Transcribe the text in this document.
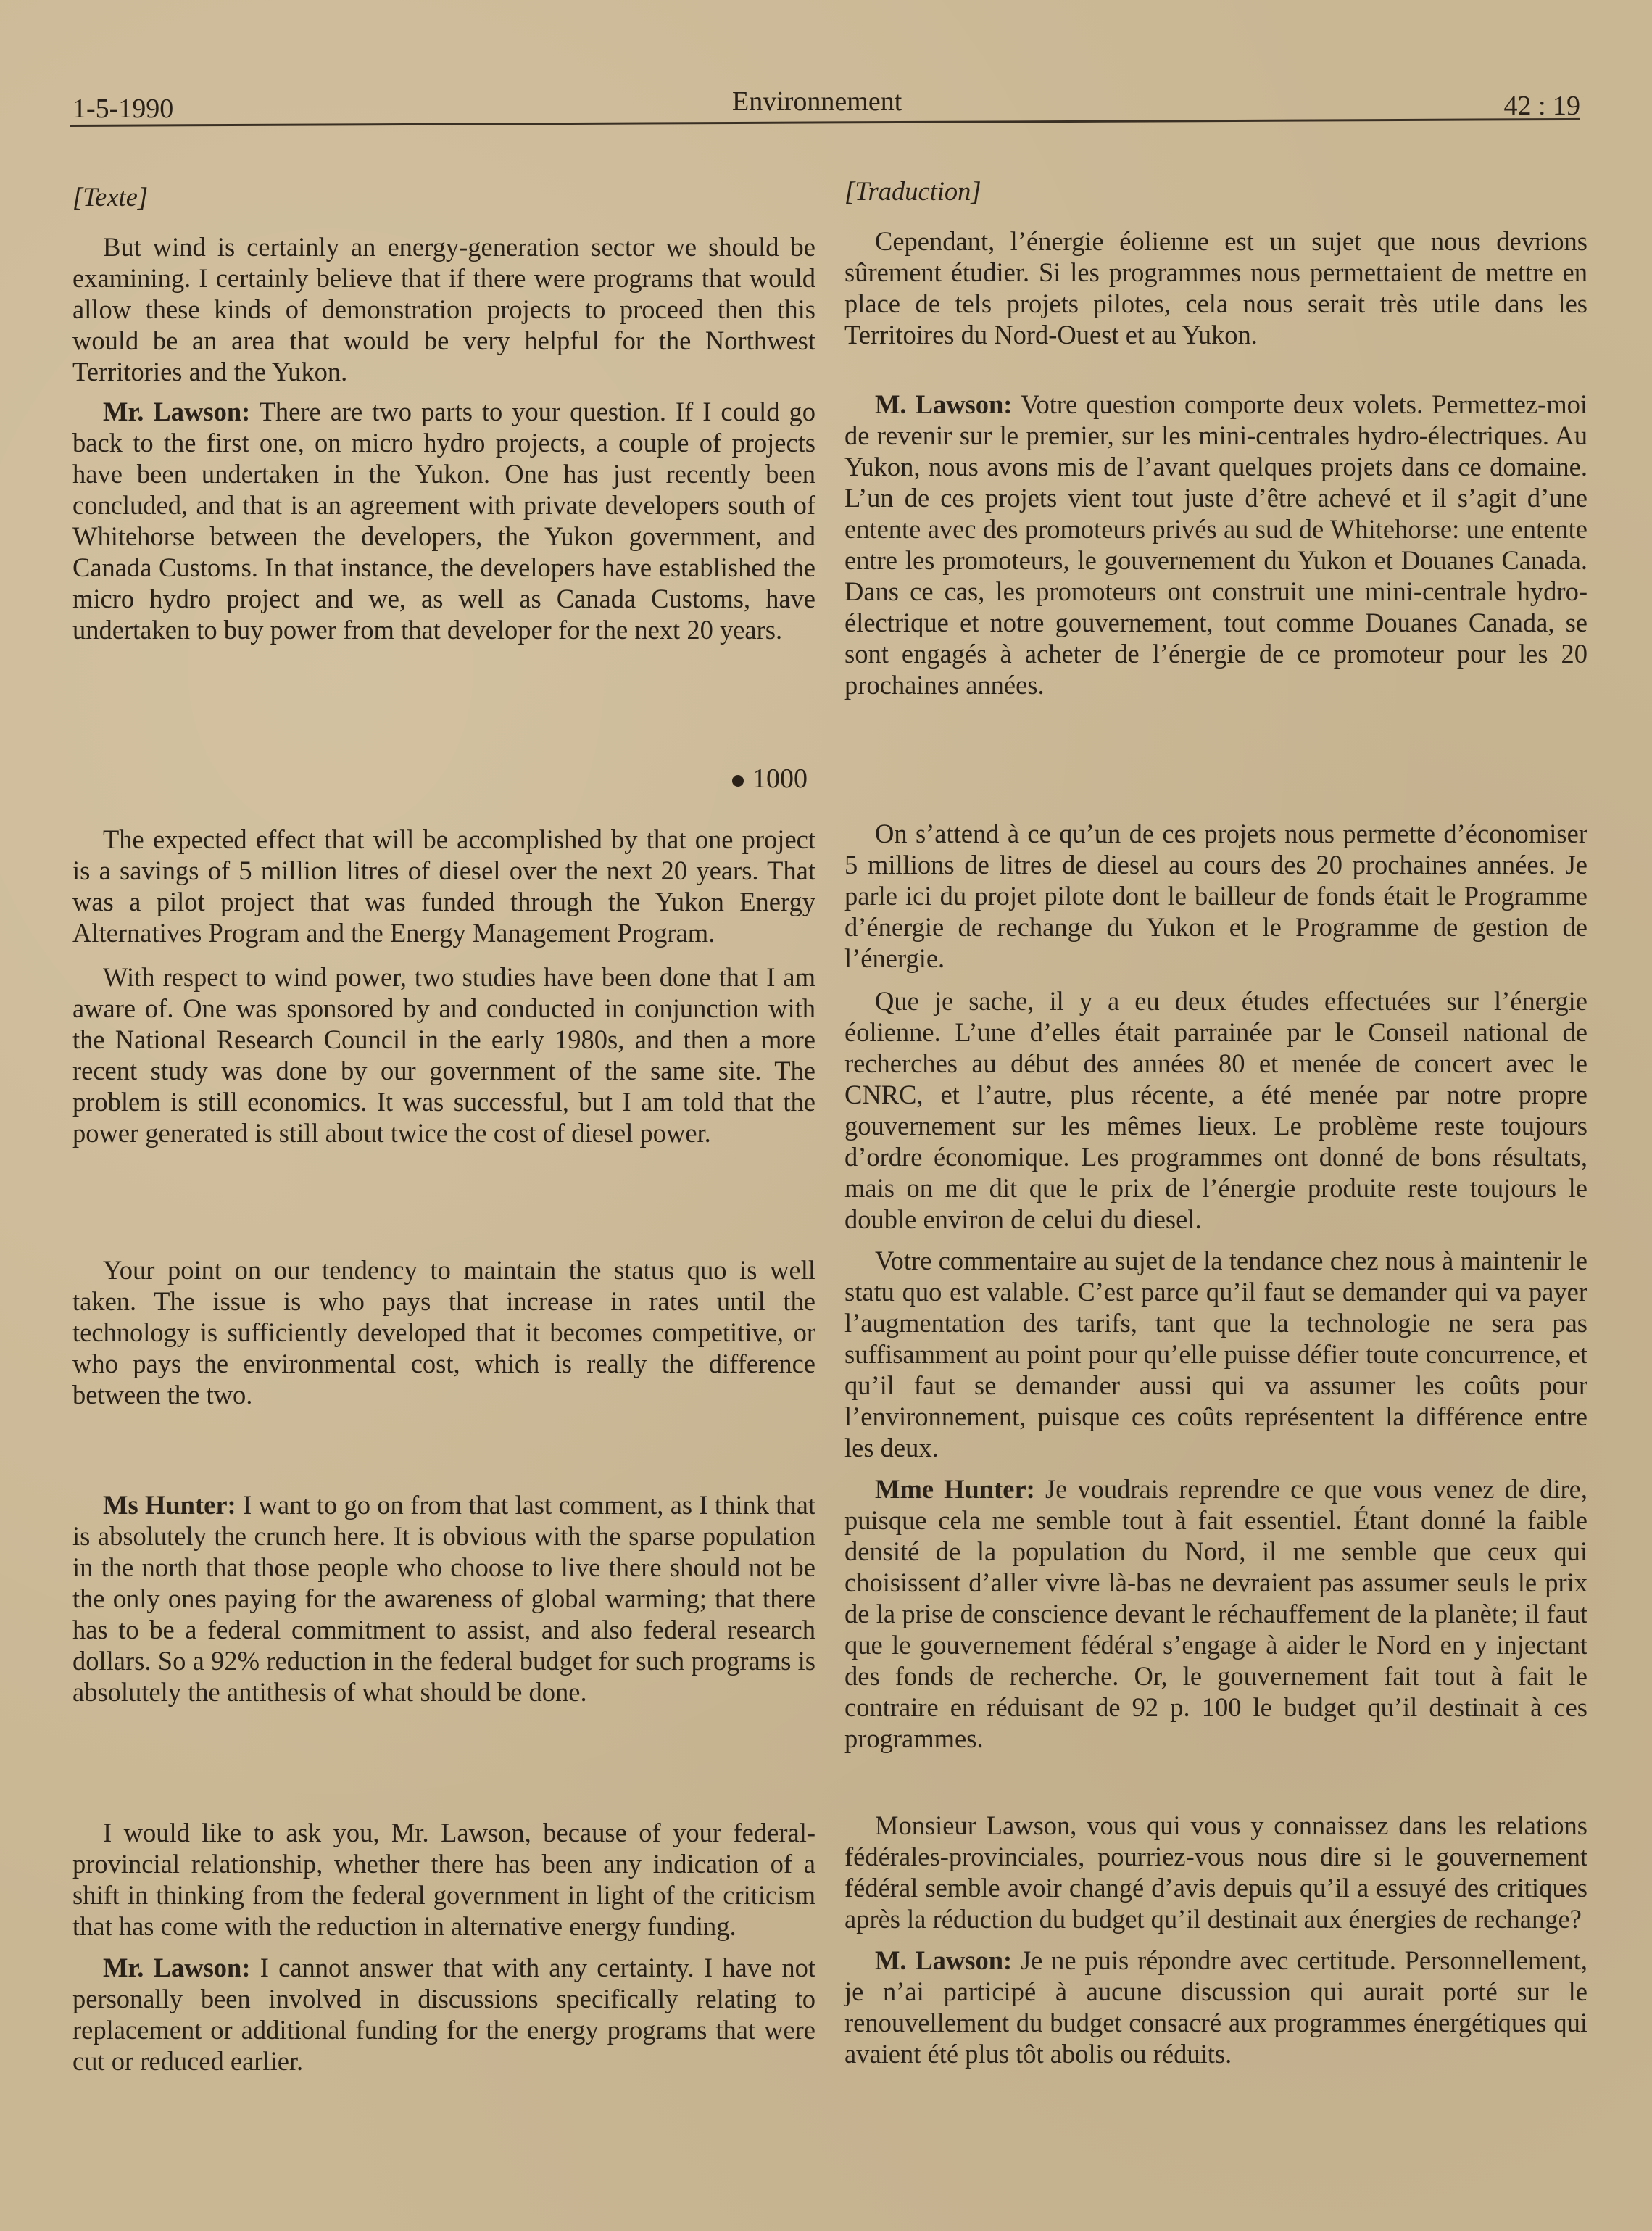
1-5-1990	Environnement	42 : 19

[Texte]

But wind is certainly an energy-generation sector we should be examining. I certainly believe that if there were programs that would allow these kinds of demonstration projects to proceed then this would be an area that would be very helpful for the Northwest Territories and the Yukon.

Mr. Lawson: There are two parts to your question. If I could go back to the first one, on micro hydro projects, a couple of projects have been undertaken in the Yukon. One has just recently been concluded, and that is an agreement with private developers south of Whitehorse between the developers, the Yukon government, and Canada Customs. In that instance, the developers have established the micro hydro project and we, as well as Canada Customs, have undertaken to buy power from that developer for the next 20 years.

1000

The expected effect that will be accomplished by that one project is a savings of 5 million litres of diesel over the next 20 years. That was a pilot project that was funded through the Yukon Energy Alternatives Program and the Energy Management Program.

With respect to wind power, two studies have been done that I am aware of. One was sponsored by and conducted in conjunction with the National Research Council in the early 1980s, and then a more recent study was done by our government of the same site. The problem is still economics. It was successful, but I am told that the power generated is still about twice the cost of diesel power.

Your point on our tendency to maintain the status quo is well taken. The issue is who pays that increase in rates until the technology is sufficiently developed that it becomes competitive, or who pays the environmental cost, which is really the difference between the two.

Ms Hunter: I want to go on from that last comment, as I think that is absolutely the crunch here. It is obvious with the sparse population in the north that those people who choose to live there should not be the only ones paying for the awareness of global warming; that there has to be a federal commitment to assist, and also federal research dollars. So a 92% reduction in the federal budget for such programs is absolutely the antithesis of what should be done.

I would like to ask you, Mr. Lawson, because of your federal-provincial relationship, whether there has been any indication of a shift in thinking from the federal government in light of the criticism that has come with the reduction in alternative energy funding.

Mr. Lawson: I cannot answer that with any certainty. I have not personally been involved in discussions specifically relating to replacement or additional funding for the energy programs that were cut or reduced earlier.

[Traduction]

Cependant, l’énergie éolienne est un sujet que nous devrions sûrement étudier. Si les programmes nous permettaient de mettre en place de tels projets pilotes, cela nous serait très utile dans les Territoires du Nord-Ouest et au Yukon.

M. Lawson: Votre question comporte deux volets. Permettez-moi de revenir sur le premier, sur les mini-centrales hydro-électriques. Au Yukon, nous avons mis de l’avant quelques projets dans ce domaine. L’un de ces projets vient tout juste d’être achevé et il s’agit d’une entente avec des promoteurs privés au sud de Whitehorse: une entente entre les promoteurs, le gouvernement du Yukon et Douanes Canada. Dans ce cas, les promoteurs ont construit une mini-centrale hydro-électrique et notre gouvernement, tout comme Douanes Canada, se sont engagés à acheter de l’énergie de ce promoteur pour les 20 prochaines années.

On s’attend à ce qu’un de ces projets nous permette d’économiser 5 millions de litres de diesel au cours des 20 prochaines années. Je parle ici du projet pilote dont le bailleur de fonds était le Programme d’énergie de rechange du Yukon et le Programme de gestion de l’énergie.

Que je sache, il y a eu deux études effectuées sur l’énergie éolienne. L’une d’elles était parrainée par le Conseil national de recherches au début des années 80 et menée de concert avec le CNRC, et l’autre, plus récente, a été menée par notre propre gouvernement sur les mêmes lieux. Le problème reste toujours d’ordre économique. Les programmes ont donné de bons résultats, mais on me dit que le prix de l’énergie produite reste toujours le double environ de celui du diesel.

Votre commentaire au sujet de la tendance chez nous à maintenir le statu quo est valable. C’est parce qu’il faut se demander qui va payer l’augmentation des tarifs, tant que la technologie ne sera pas suffisamment au point pour qu’elle puisse défier toute concurrence, et qu’il faut se demander aussi qui va assumer les coûts pour l’environnement, puisque ces coûts représentent la différence entre les deux.

Mme Hunter: Je voudrais reprendre ce que vous venez de dire, puisque cela me semble tout à fait essentiel. Étant donné la faible densité de la population du Nord, il me semble que ceux qui choisissent d’aller vivre là-bas ne devraient pas assumer seuls le prix de la prise de conscience devant le réchauffement de la planète; il faut que le gouvernement fédéral s’engage à aider le Nord en y injectant des fonds de recherche. Or, le gouvernement fait tout à fait le contraire en réduisant de 92 p. 100 le budget qu’il destinait à ces programmes.

Monsieur Lawson, vous qui vous y connaissez dans les relations fédérales-provinciales, pourriez-vous nous dire si le gouvernement fédéral semble avoir changé d’avis depuis qu’il a essuyé des critiques après la réduction du budget qu’il destinait aux énergies de rechange?

M. Lawson: Je ne puis répondre avec certitude. Personnellement, je n’ai participé à aucune discussion qui aurait porté sur le renouvellement du budget consacré aux programmes énergétiques qui avaient été plus tôt abolis ou réduits.
